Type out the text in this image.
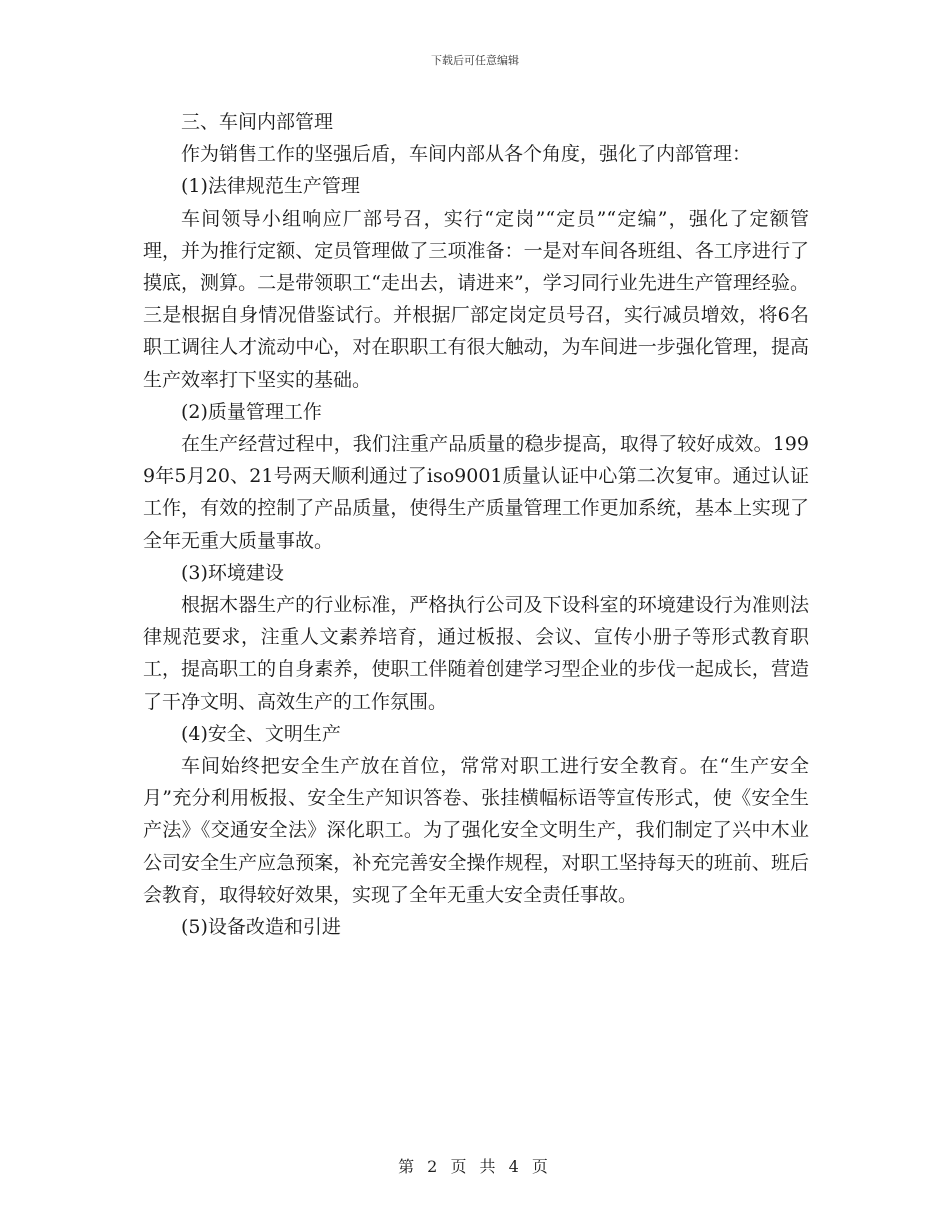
下载后可任意编辑

三、车间内部管理

作为销售工作的坚强后盾，车间内部从各个角度，强化了内部管理：

(1)法律规范生产管理

车间领导小组响应厂部号召，实行“定岗”“定员”“定编”，强化了定额管理，并为推行定额、定员管理做了三项准备：一是对车间各班组、各工序进行了摸底，测算。二是带领职工“走出去，请进来”，学习同行业先进生产管理经验。三是根据自身情况借鉴试行。并根据厂部定岗定员号召，实行减员增效，将6名职工调往人才流动中心，对在职职工有很大触动，为车间进一步强化管理，提高生产效率打下坚实的基础。

(2)质量管理工作

在生产经营过程中，我们注重产品质量的稳步提高，取得了较好成效。1999年5月20、21号两天顺利通过了iso9001质量认证中心第二次复审。通过认证工作，有效的控制了产品质量，使得生产质量管理工作更加系统，基本上实现了全年无重大质量事故。

(3)环境建设

根据木器生产的行业标准，严格执行公司及下设科室的环境建设行为准则法律规范要求，注重人文素养培育，通过板报、会议、宣传小册子等形式教育职工，提高职工的自身素养，使职工伴随着创建学习型企业的步伐一起成长，营造了干净文明、高效生产的工作氛围。

(4)安全、文明生产

车间始终把安全生产放在首位，常常对职工进行安全教育。在“生产安全月”充分利用板报、安全生产知识答卷、张挂横幅标语等宣传形式，使《安全生产法》《交通安全法》深化职工。为了强化安全文明生产，我们制定了兴中木业公司安全生产应急预案，补充完善安全操作规程，对职工坚持每天的班前、班后会教育，取得较好效果，实现了全年无重大安全责任事故。

(5)设备改造和引进

第 2 页 共 4 页
